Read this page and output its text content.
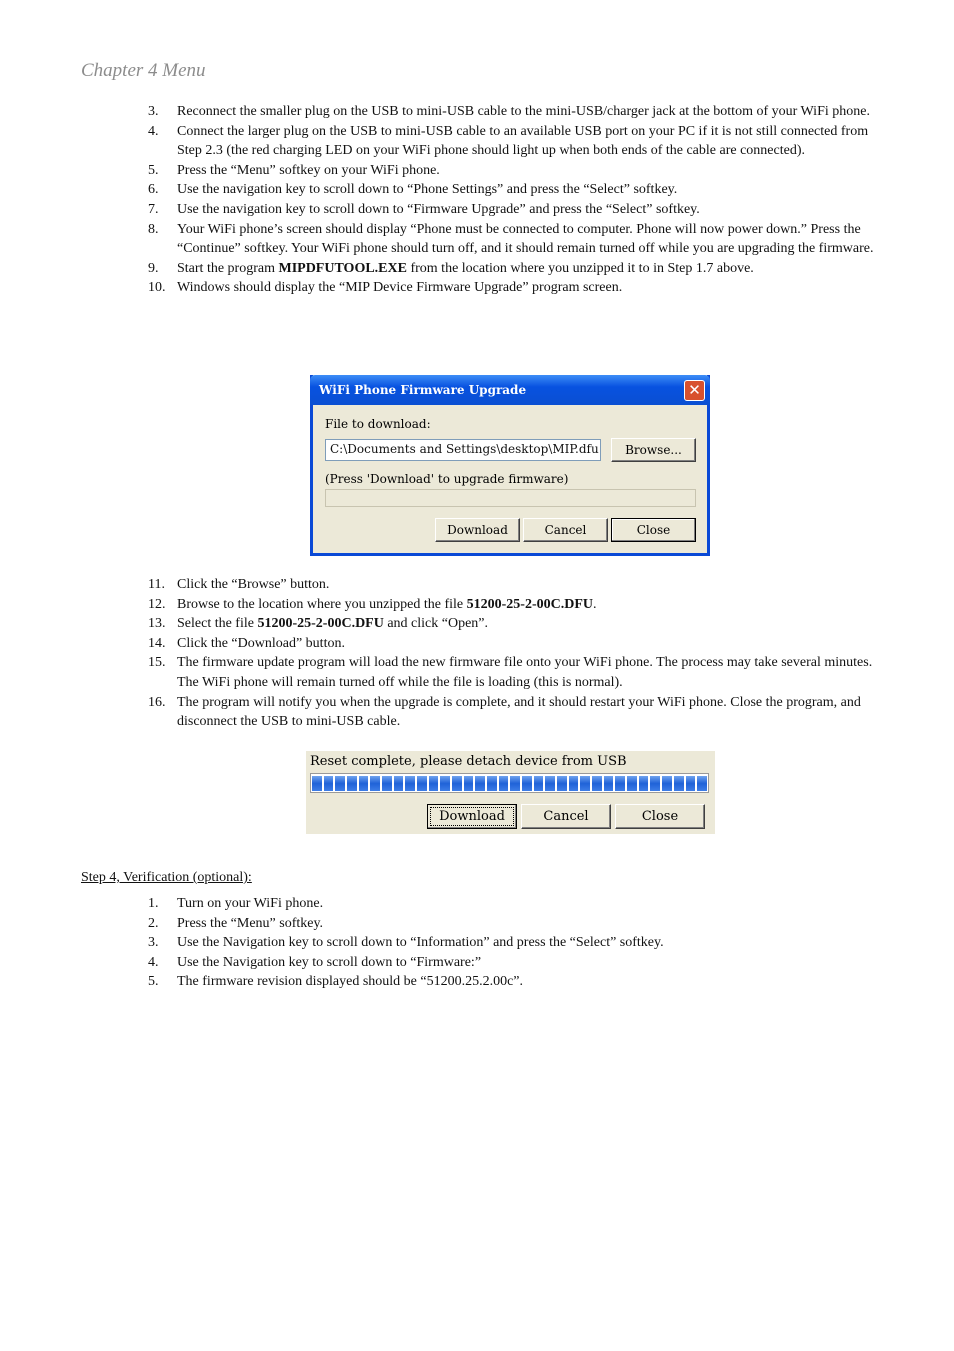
Chapter 4 Menu
3. Reconnect the smaller plug on the USB to mini-USB cable to the mini-USB/charger jack at the bottom of your WiFi phone.
4. Connect the larger plug on the USB to mini-USB cable to an available USB port on your PC if it is not still connected from Step 2.3 (the red charging LED on your WiFi phone should light up when both ends of the cable are connected).
5. Press the “Menu” softkey on your WiFi phone.
6. Use the navigation key to scroll down to “Phone Settings” and press the “Select” softkey.
7. Use the navigation key to scroll down to “Firmware Upgrade” and press the “Select” softkey.
8. Your WiFi phone’s screen should display “Phone must be connected to computer. Phone will now power down.” Press the “Continue” softkey. Your WiFi phone should turn off, and it should remain turned off while you are upgrading the firmware.
9. Start the program MIPDFUTOOL.EXE from the location where you unzipped it to in Step 1.7 above.
10. Windows should display the “MIP Device Firmware Upgrade” program screen.
WiFi Phone Firmware Upgrade	✕
File to download:
C:\Documents and Settings\desktop\MIP.dfu	Browse...
(Press 'Download' to upgrade firmware)
Download	Cancel	Close
11. Click the “Browse” button.
12. Browse to the location where you unzipped the file 51200-25-2-00C.DFU.
13. Select the file 51200-25-2-00C.DFU and click “Open”.
14. Click the “Download” button.
15. The firmware update program will load the new firmware file onto your WiFi phone. The process may take several minutes. The WiFi phone will remain turned off while the file is loading (this is normal).
16. The program will notify you when the upgrade is complete, and it should restart your WiFi phone. Close the program, and disconnect the USB to mini-USB cable.
Reset complete, please detach device from USB
Download	Cancel	Close
Step 4, Verification (optional):
1. Turn on your WiFi phone.
2. Press the “Menu” softkey.
3. Use the Navigation key to scroll down to “Information” and press the “Select” softkey.
4. Use the Navigation key to scroll down to “Firmware:”
5. The firmware revision displayed should be “51200.25.2.00c”.
